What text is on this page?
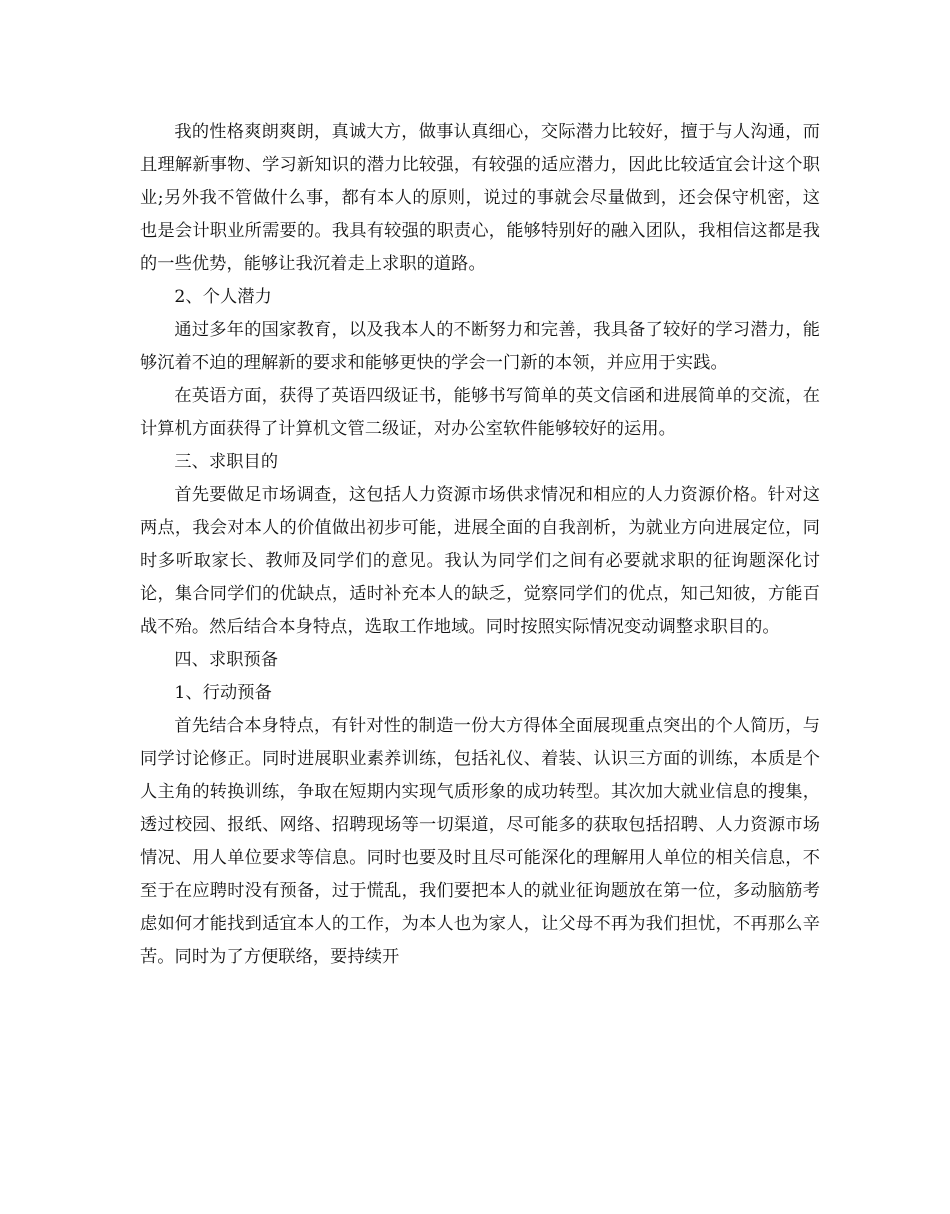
我的性格爽朗爽朗，真诚大方，做事认真细心，交际潜力比较好，擅于与人沟通，而且理解新事物、学习新知识的潜力比较强，有较强的适应潜力，因此比较适宜会计这个职业;另外我不管做什么事，都有本人的原则，说过的事就会尽量做到，还会保守机密，这也是会计职业所需要的。我具有较强的职责心，能够特别好的融入团队，我相信这都是我的一些优势，能够让我沉着走上求职的道路。

2、个人潜力

通过多年的国家教育，以及我本人的不断努力和完善，我具备了较好的学习潜力，能够沉着不迫的理解新的要求和能够更快的学会一门新的本领，并应用于实践。

在英语方面，获得了英语四级证书，能够书写简单的英文信函和进展简单的交流，在计算机方面获得了计算机文管二级证，对办公室软件能够较好的运用。

三、求职目的

首先要做足市场调查，这包括人力资源市场供求情况和相应的人力资源价格。针对这两点，我会对本人的价值做出初步可能，进展全面的自我剖析，为就业方向进展定位，同时多听取家长、教师及同学们的意见。我认为同学们之间有必要就求职的征询题深化讨论，集合同学们的优缺点，适时补充本人的缺乏，觉察同学们的优点，知己知彼，方能百战不殆。然后结合本身特点，选取工作地域。同时按照实际情况变动调整求职目的。

四、求职预备

1、行动预备

首先结合本身特点，有针对性的制造一份大方得体全面展现重点突出的个人简历，与同学讨论修正。同时进展职业素养训练，包括礼仪、着装、认识三方面的训练，本质是个人主角的转换训练，争取在短期内实现气质形象的成功转型。其次加大就业信息的搜集，透过校园、报纸、网络、招聘现场等一切渠道，尽可能多的获取包括招聘、人力资源市场情况、用人单位要求等信息。同时也要及时且尽可能深化的理解用人单位的相关信息，不至于在应聘时没有预备，过于慌乱，我们要把本人的就业征询题放在第一位，多动脑筋考虑如何才能找到适宜本人的工作，为本人也为家人，让父母不再为我们担忧，不再那么辛苦。同时为了方便联络，要持续开
